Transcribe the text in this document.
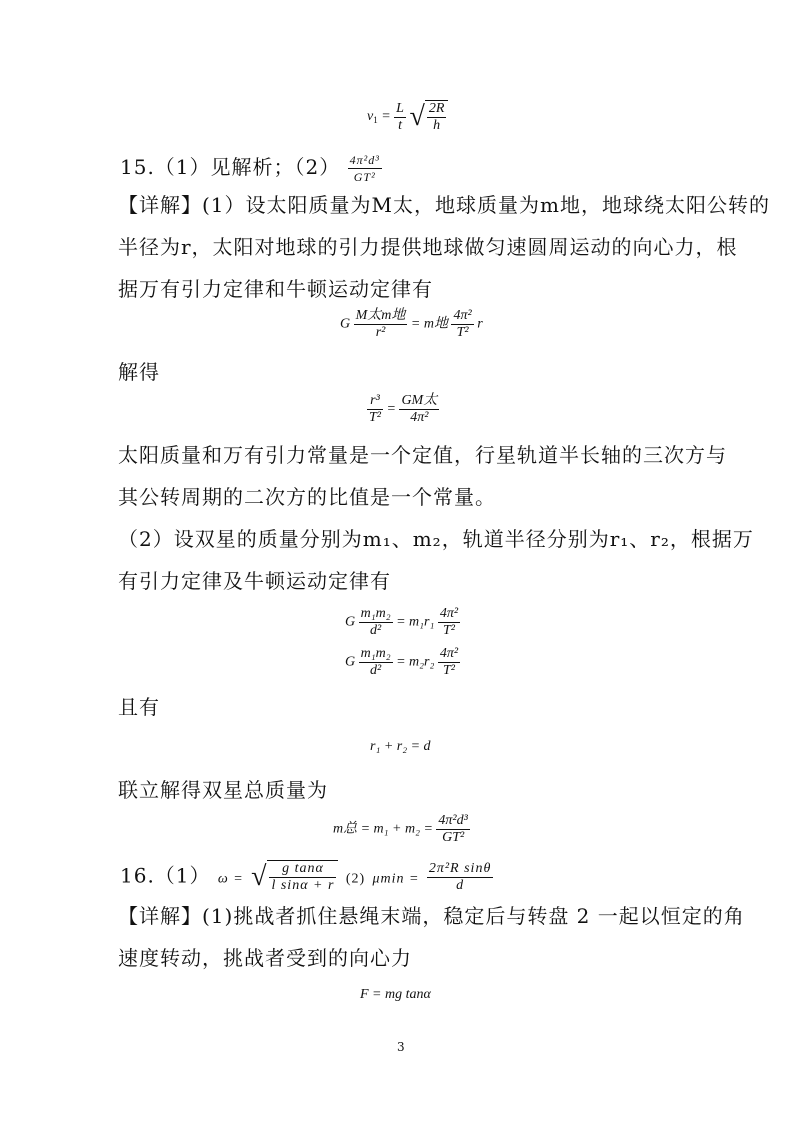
$v_1 = \frac{L}{t}$ √ $\frac{2R}{h}$
15.（1）见解析；$(2) \frac{\text{4π²d³}}{\text{GT²}}$
【详解】(1）设太阳质量为M太，地球质量为m地，地球绕太阳公转的
半径为r，太阳对地球的引力提供地球做匀速圆周运动的向心力，根
据万有引力定律和牛顿运动定律有
G $\frac{\text{M太m地}}{\text{r²}} = m$地 $\frac{\text{4π²}}{\text{T²}}$ r
解得
$\frac{\text{r³}}{\text{T²}} = \frac{\text{GM太}}{\text{4π²}}$
太阳质量和万有引力常量是一个定值，行星轨道半长轴的三次方与
其公转周期的二次方的比值是一个常量。
（2）设双星的质量分别为m₁、m₂，轨道半径分别为r₁、r₂，根据万
有引力定律及牛顿运动定律有
G $\frac{\text{m₁m₂}}{\text{d²}} = m_1r_1 \frac{\text{4π²}}{\text{T²}}$
G $\frac{\text{m₁m₂}}{\text{d²}} = m_2r_2 \frac{\text{4π²}}{\text{T²}}$
且有
r₁ + r₂ = d
联立解得双星总质量为
m总 = $m_1 + m_2 = \frac{\text{4π²d³}}{\text{GT²}}$
16.（1） ω = √ $\frac{\text{g tanα}}{\text{l sinα + r}} (2) \mu\min = \frac{\text{2π²R sinθ}}{d}$
【详解】(1)挑战者抓住悬绳末端，稳定后与转盘 2 一起以恒定的角
速度转动，挑战者受到的向心力
F = mg tanα
3
